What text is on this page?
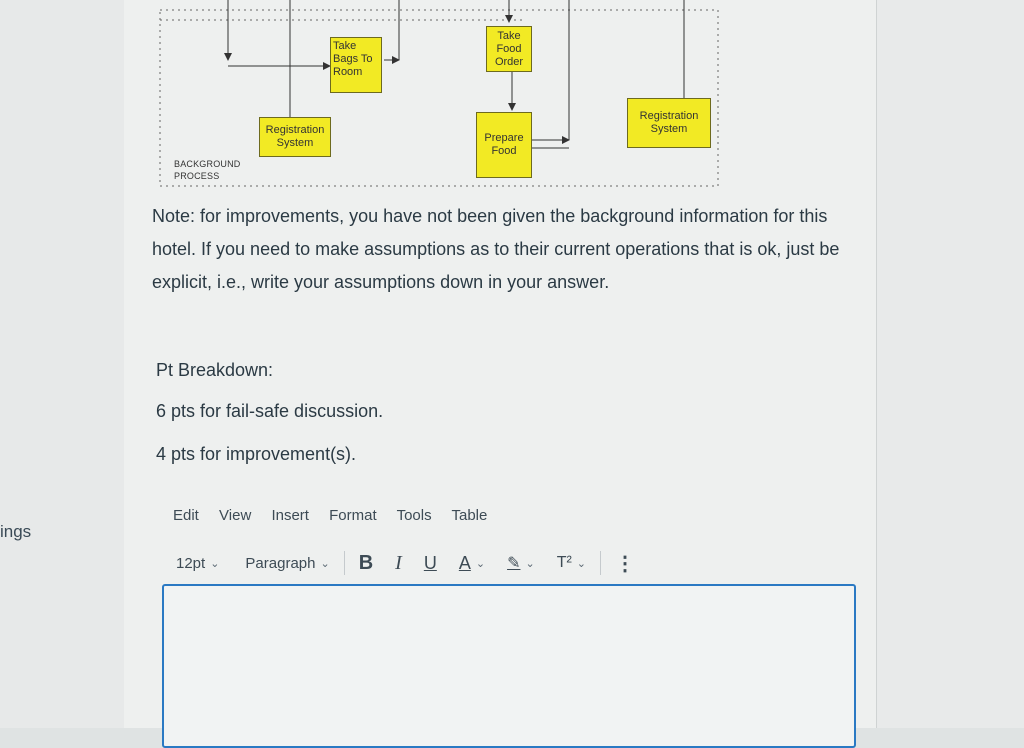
ings
Take
Bags To
Room
Take
Food
Order
Registration
System	Prepare
Food
Registration
System
BACKGROUND
PROCESS
Note: for improvements, you have not been given the background information for this hotel. If you need to make assumptions as to their current operations that is ok, just be explicit, i.e., write your assumptions down in your answer.
Pt Breakdown:
6 pts for fail-safe discussion.
4 pts for improvement(s).
Edit View Insert Format Tools Table
12pt ⌄ Paragraph ⌄ B I U A ⌄ ✎ ⌄ T² ⌄ ⋮
